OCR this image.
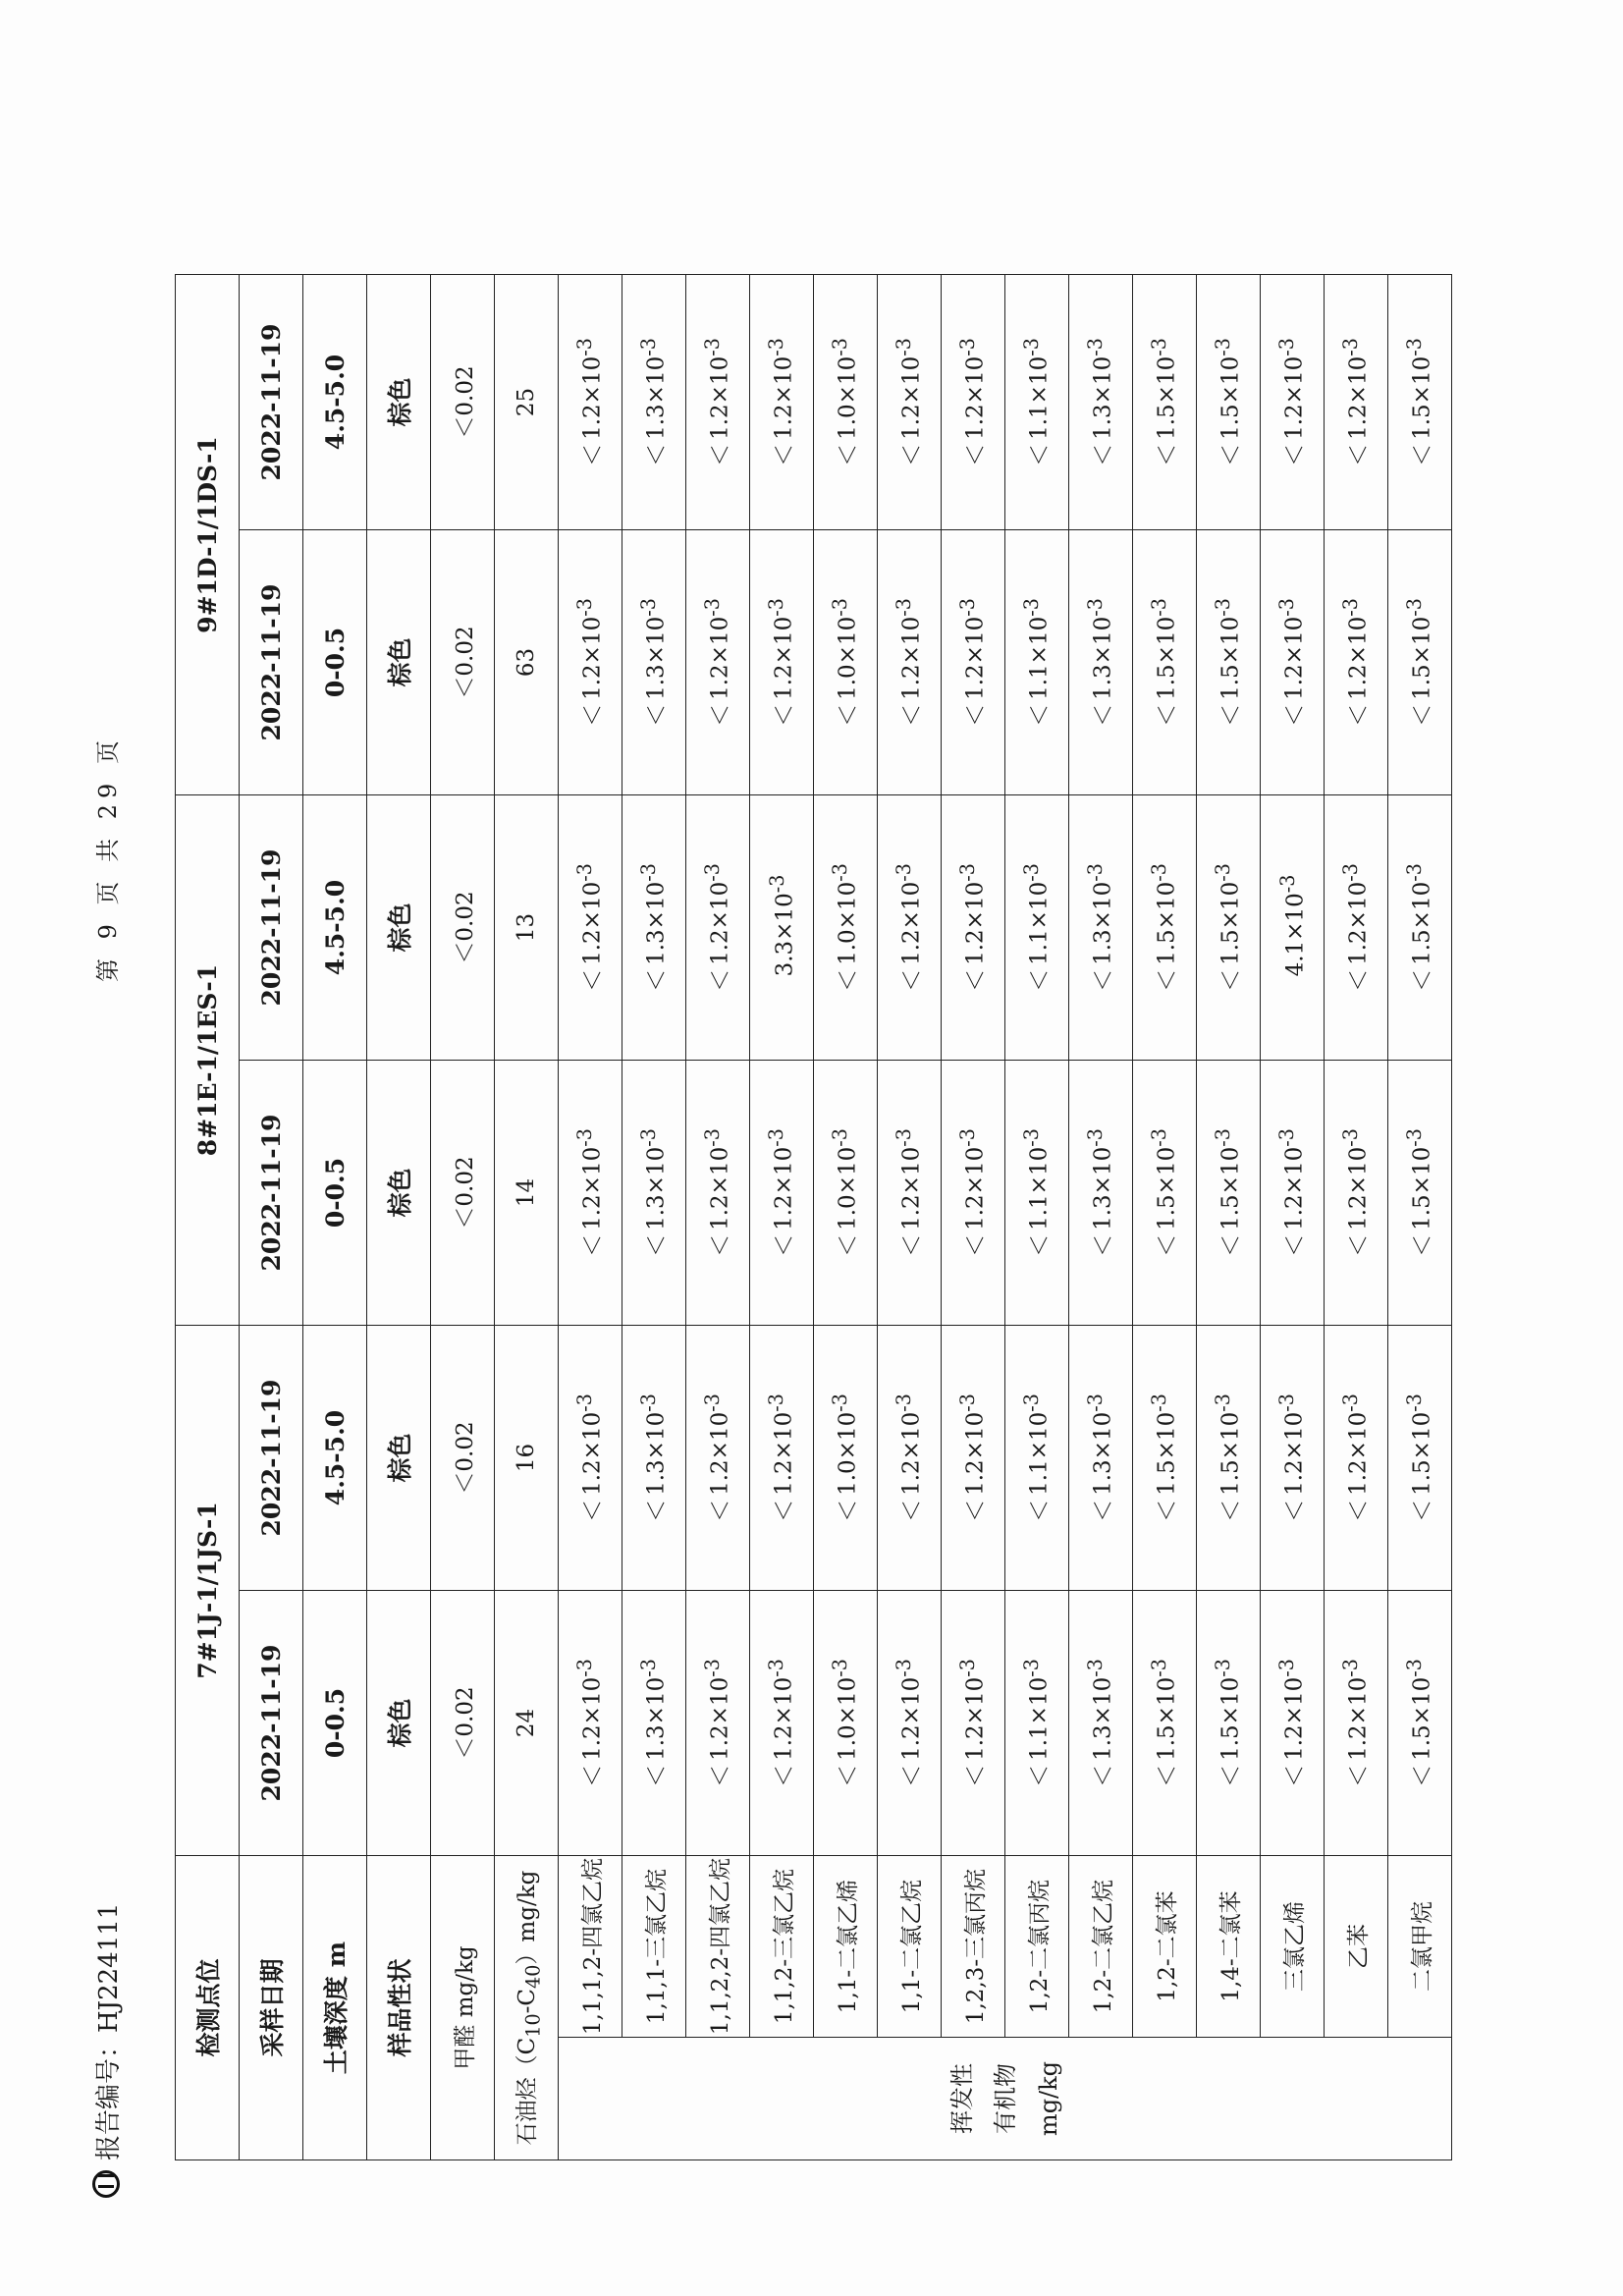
报告编号：HJ224111
第 9 页 共 29 页
检测点位		7#1J-1/1JS-1		8#1E-1/1ES-1		9#1D-1/1DS-1	
采样日期		2022-11-19	2022-11-19	2022-11-19	2022-11-19	2022-11-19	2022-11-19
土壤深度 m		0-0.5	4.5-5.0	0-0.5	4.5-5.0	0-0.5	4.5-5.0
样品性状		棕色	棕色	棕色	棕色	棕色	棕色
甲醛 mg/kg		＜0.02	＜0.02	＜0.02	＜0.02	＜0.02	＜0.02
石油烃$(C_{10}-C_{40})mg/kg$		24	16	14	13	63	25

挥发性 有机物 mg/kg	1,1,1,2-四氯乙烷	$<1.2\times 10^{-3}$	$<1.2\times 10^{-3}$	$<1.2\times 10^{-3}$	$<1.2\times 10^{-3}$	$<1.2\times 10^{-3}$	$<1.2\times 10^{-3}$
	1,1,1-三氯乙烷	$<1.3\times 10^{-3}$	$<1.3\times 10^{-3}$	$<1.3\times 10^{-3}$	$<1.3\times 10^{-3}$	$<1.3\times 10^{-3}$	$<1.3\times 10^{-3}$
	1,1,2,2-四氯乙烷	$<1.2\times 10^{-3}$	$<1.2\times 10^{-3}$	$<1.2\times 10^{-3}$	$<1.2\times 10^{-3}$	$<1.2\times 10^{-3}$	$<1.2\times 10^{-3}$
	1,1,2-三氯乙烷	$<1.2\times 10^{-3}$	$<1.2\times 10^{-3}$	$<1.2\times 10^{-3}$	$3.3\times 10^{-3}$	$<1.2\times 10^{-3}$	$<1.2\times 10^{-3}$
	1,1-二氯乙烯	$<1.0\times 10^{-3}$	$<1.0\times 10^{-3}$	$<1.0\times 10^{-3}$	$<1.0\times 10^{-3}$	$<1.0\times 10^{-3}$	$<1.0\times 10^{-3}$
	1,1-二氯乙烷	$<1.2\times 10^{-3}$	$<1.2\times 10^{-3}$	$<1.2\times 10^{-3}$	$<1.2\times 10^{-3}$	$<1.2\times 10^{-3}$	$<1.2\times 10^{-3}$
	1,2,3-三氯丙烷	$<1.2\times 10^{-3}$	$<1.2\times 10^{-3}$	$<1.2\times 10^{-3}$	$<1.2\times 10^{-3}$	$<1.2\times 10^{-3}$	$<1.2\times 10^{-3}$
	1,2-二氯丙烷	$<1.1\times 10^{-3}$	$<1.1\times 10^{-3}$	$<1.1\times 10^{-3}$	$<1.1\times 10^{-3}$	$<1.1\times 10^{-3}$	$<1.1\times 10^{-3}$
	1,2-二氯乙烷	$<1.3\times 10^{-3}$	$<1.3\times 10^{-3}$	$<1.3\times 10^{-3}$	$<1.3\times 10^{-3}$	$<1.3\times 10^{-3}$	$<1.3\times 10^{-3}$
	1,2-二氯苯	$<1.5\times 10^{-3}$	$<1.5\times 10^{-3}$	$<1.5\times 10^{-3}$	$<1.5\times 10^{-3}$	$<1.5\times 10^{-3}$	$<1.5\times 10^{-3}$
	1,4-二氯苯	$<1.5\times 10^{-3}$	$<1.5\times 10^{-3}$	$<1.5\times 10^{-3}$	$<1.5\times 10^{-3}$	$<1.5\times 10^{-3}$	$<1.5\times 10^{-3}$
	三氯乙烯	$<1.2\times 10^{-3}$	$<1.2\times 10^{-3}$	$<1.2\times 10^{-3}$	$4.1\times 10^{-3}$	$<1.2\times 10^{-3}$	$<1.2\times 10^{-3}$
	乙苯	$<1.2\times 10^{-3}$	$<1.2\times 10^{-3}$	$<1.2\times 10^{-3}$	$<1.2\times 10^{-3}$	$<1.2\times 10^{-3}$	$<1.2\times 10^{-3}$
	二氯甲烷	$<1.5\times 10^{-3}$	$<1.5\times 10^{-3}$	$<1.5\times 10^{-3}$	$<1.5\times 10^{-3}$	$<1.5\times 10^{-3}$	$<1.5\times 10^{-3}$
